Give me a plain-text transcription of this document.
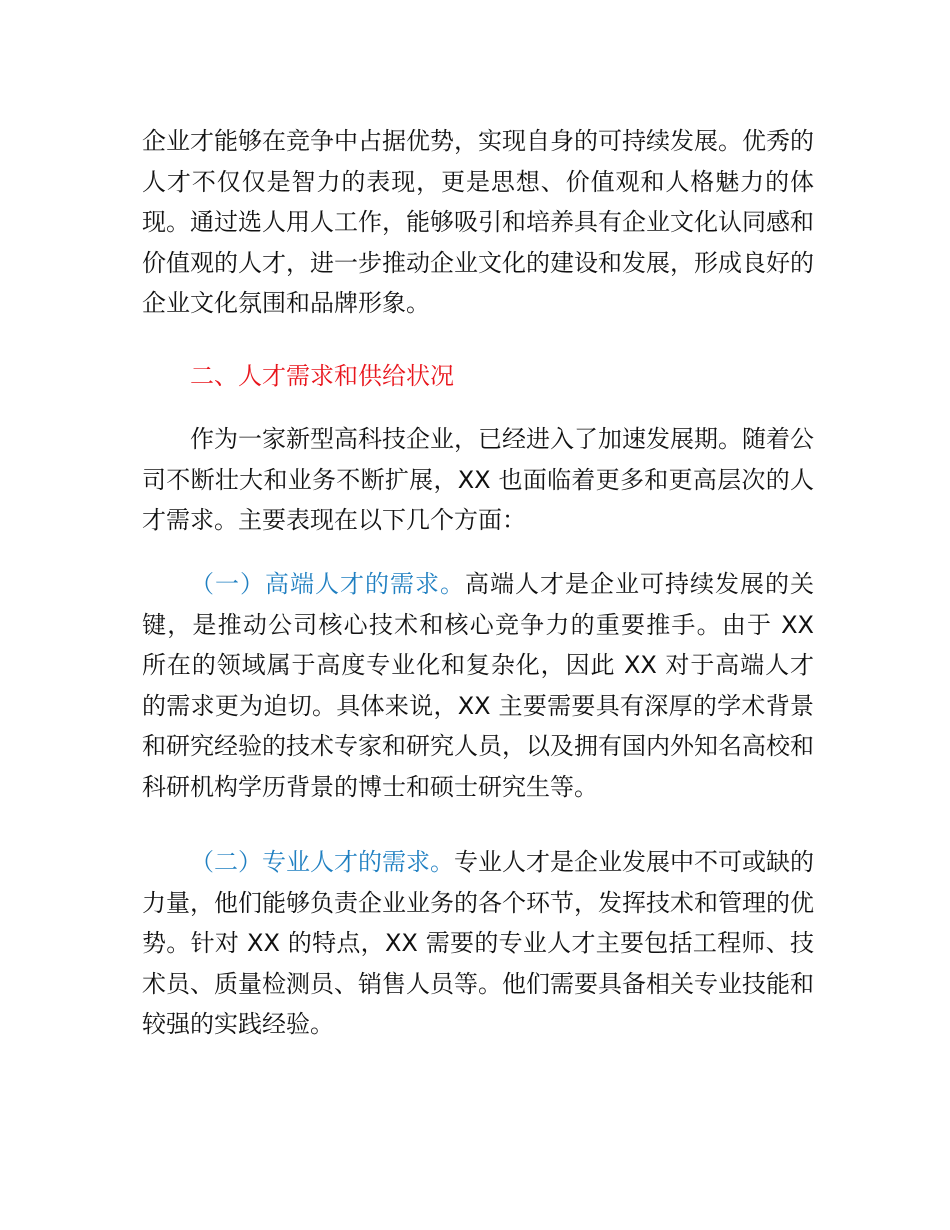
企业才能够在竞争中占据优势，实现自身的可持续发展。优秀的人才不仅仅是智力的表现，更是思想、价值观和人格魅力的体现。通过选人用人工作，能够吸引和培养具有企业文化认同感和价值观的人才，进一步推动企业文化的建设和发展，形成良好的企业文化氛围和品牌形象。

二、人才需求和供给状况

作为一家新型高科技企业，已经进入了加速发展期。随着公司不断壮大和业务不断扩展，XX 也面临着更多和更高层次的人才需求。主要表现在以下几个方面：

（一）高端人才的需求。高端人才是企业可持续发展的关键，是推动公司核心技术和核心竞争力的重要推手。由于 XX 所在的领域属于高度专业化和复杂化，因此 XX 对于高端人才的需求更为迫切。具体来说，XX 主要需要具有深厚的学术背景和研究经验的技术专家和研究人员，以及拥有国内外知名高校和科研机构学历背景的博士和硕士研究生等。

（二）专业人才的需求。专业人才是企业发展中不可或缺的力量，他们能够负责企业业务的各个环节，发挥技术和管理的优势。针对 XX 的特点，XX 需要的专业人才主要包括工程师、技术员、质量检测员、销售人员等。他们需要具备相关专业技能和较强的实践经验。
